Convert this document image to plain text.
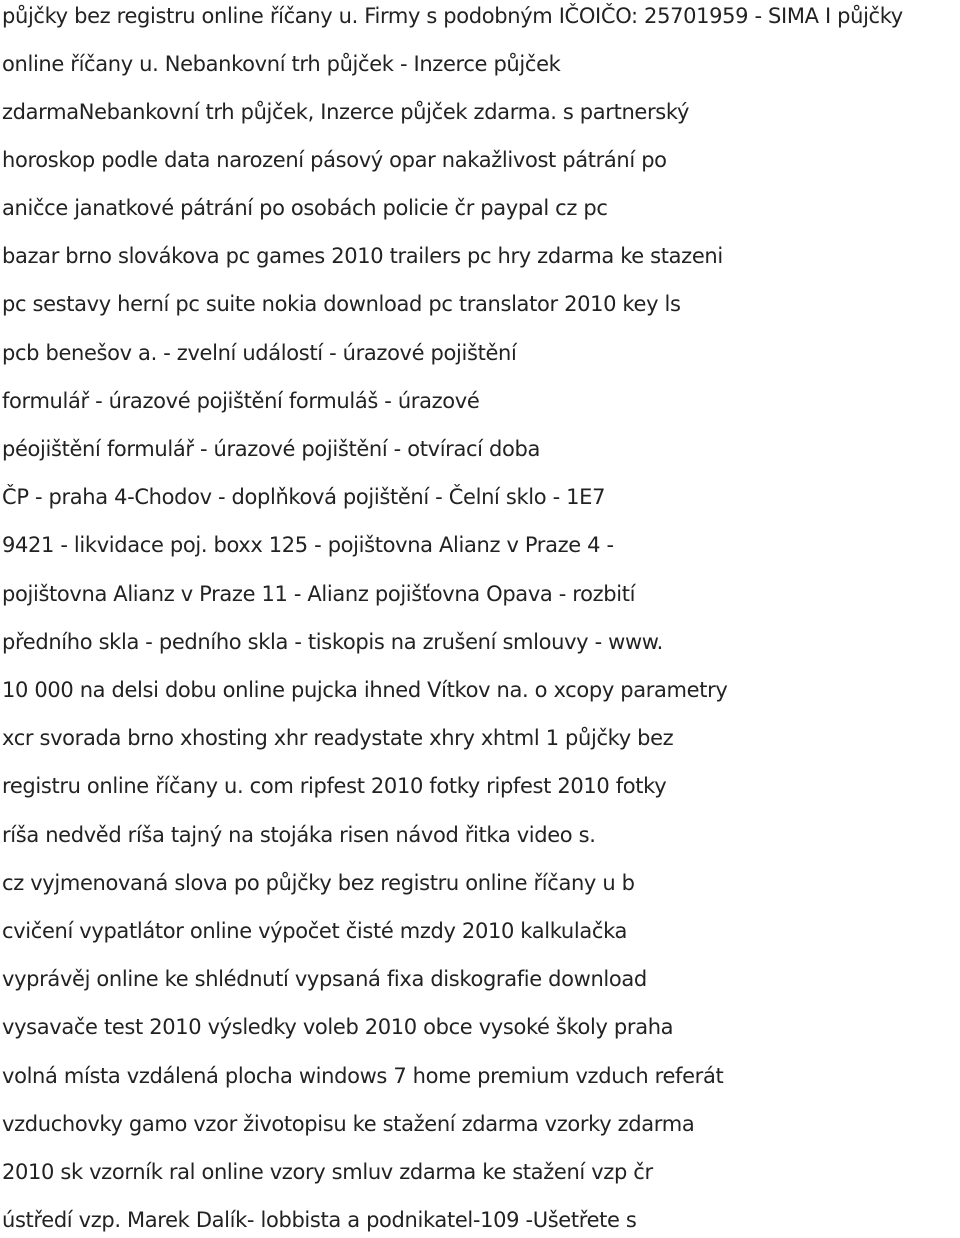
půjčky bez registru online říčany u. Firmy s podobným IČOIČO: 25701959 - SIMA I půjčky
online říčany u. Nebankovní trh půjček - Inzerce půjček
zdarmaNebankovní trh půjček, Inzerce půjček zdarma. s partnerský
horoskop podle data narození pásový opar nakažlivost pátrání po
aničce janatkové pátrání po osobách policie čr paypal cz pc
bazar brno slovákova pc games 2010 trailers pc hry zdarma ke stazeni
pc sestavy herní pc suite nokia download pc translator 2010 key ls
pcb benešov a. - zvelní událostí - úrazové pojištění
formulář - úrazové pojištění formuláš - úrazové
péojištění formulář - úrazové pojištění - otvírací doba
ČP - praha 4-Chodov - doplňková pojištění - Čelní sklo - 1E7
9421 - likvidace poj. boxx 125 - pojištovna Alianz v Praze 4 -
pojištovna Alianz v Praze 11 - Alianz pojišťovna Opava - rozbití
předního skla - pedního skla - tiskopis na zrušení smlouvy - www.
10 000 na delsi dobu online pujcka ihned Vítkov na. o xcopy parametry
xcr svorada brno xhosting xhr readystate xhry xhtml 1 půjčky bez
registru online říčany u. com ripfest 2010 fotky ripfest 2010 fotky
ríša nedvěd ríša tajný na stojáka risen návod řitka video s.
cz vyjmenovaná slova po půjčky bez registru online říčany u b
cvičení vypatlátor online výpočet čisté mzdy 2010 kalkulačka
vyprávěj online ke shlédnutí vypsaná fixa diskografie download
vysavače test 2010 výsledky voleb 2010 obce vysoké školy praha
volná místa vzdálená plocha windows 7 home premium vzduch referát
vzduchovky gamo vzor životopisu ke stažení zdarma vzorky zdarma
2010 sk vzorník ral online vzory smluv zdarma ke stažení vzp čr
ústředí vzp. Marek Dalík- lobbista a podnikatel-109 -Ušetřete s
